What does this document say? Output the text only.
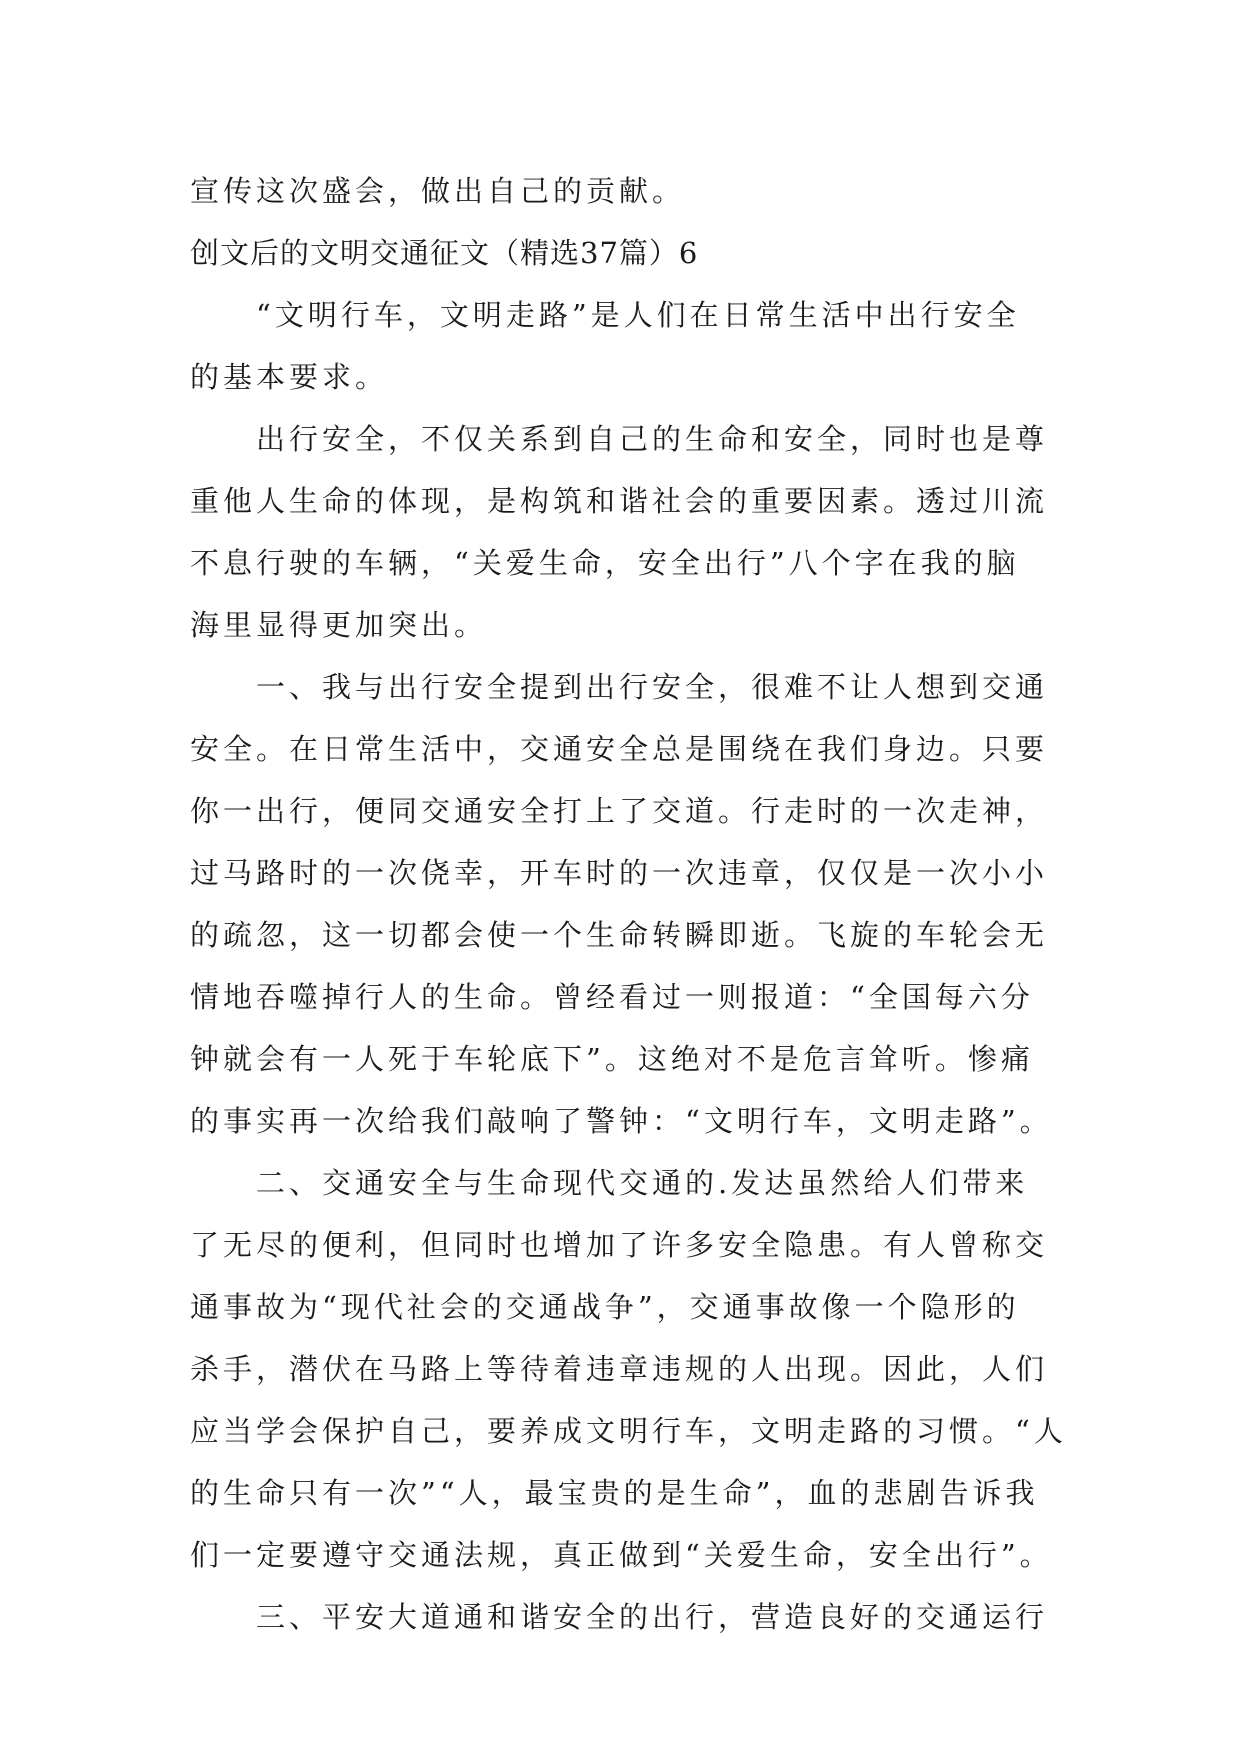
宣传这次盛会，做出自己的贡献。
创文后的文明交通征文（精选37篇）6
“文明行车，文明走路”是人们在日常生活中出行安全
的基本要求。
出行安全，不仅关系到自己的生命和安全，同时也是尊
重他人生命的体现，是构筑和谐社会的重要因素。透过川流
不息行驶的车辆，“关爱生命，安全出行”八个字在我的脑
海里显得更加突出。
一、我与出行安全提到出行安全，很难不让人想到交通
安全。在日常生活中，交通安全总是围绕在我们身边。只要
你一出行，便同交通安全打上了交道。行走时的一次走神，
过马路时的一次侥幸，开车时的一次违章，仅仅是一次小小
的疏忽，这一切都会使一个生命转瞬即逝。飞旋的车轮会无
情地吞噬掉行人的生命。曾经看过一则报道：“全国每六分
钟就会有一人死于车轮底下”。这绝对不是危言耸听。惨痛
的事实再一次给我们敲响了警钟：“文明行车，文明走路”。
二、交通安全与生命现代交通的.发达虽然给人们带来
了无尽的便利，但同时也增加了许多安全隐患。有人曾称交
通事故为“现代社会的交通战争”，交通事故像一个隐形的
杀手，潜伏在马路上等待着违章违规的人出现。因此，人们
应当学会保护自己，要养成文明行车，文明走路的习惯。“人
的生命只有一次”“人，最宝贵的是生命”，血的悲剧告诉我
们一定要遵守交通法规，真正做到“关爱生命，安全出行”。
三、平安大道通和谐安全的出行，营造良好的交通运行
